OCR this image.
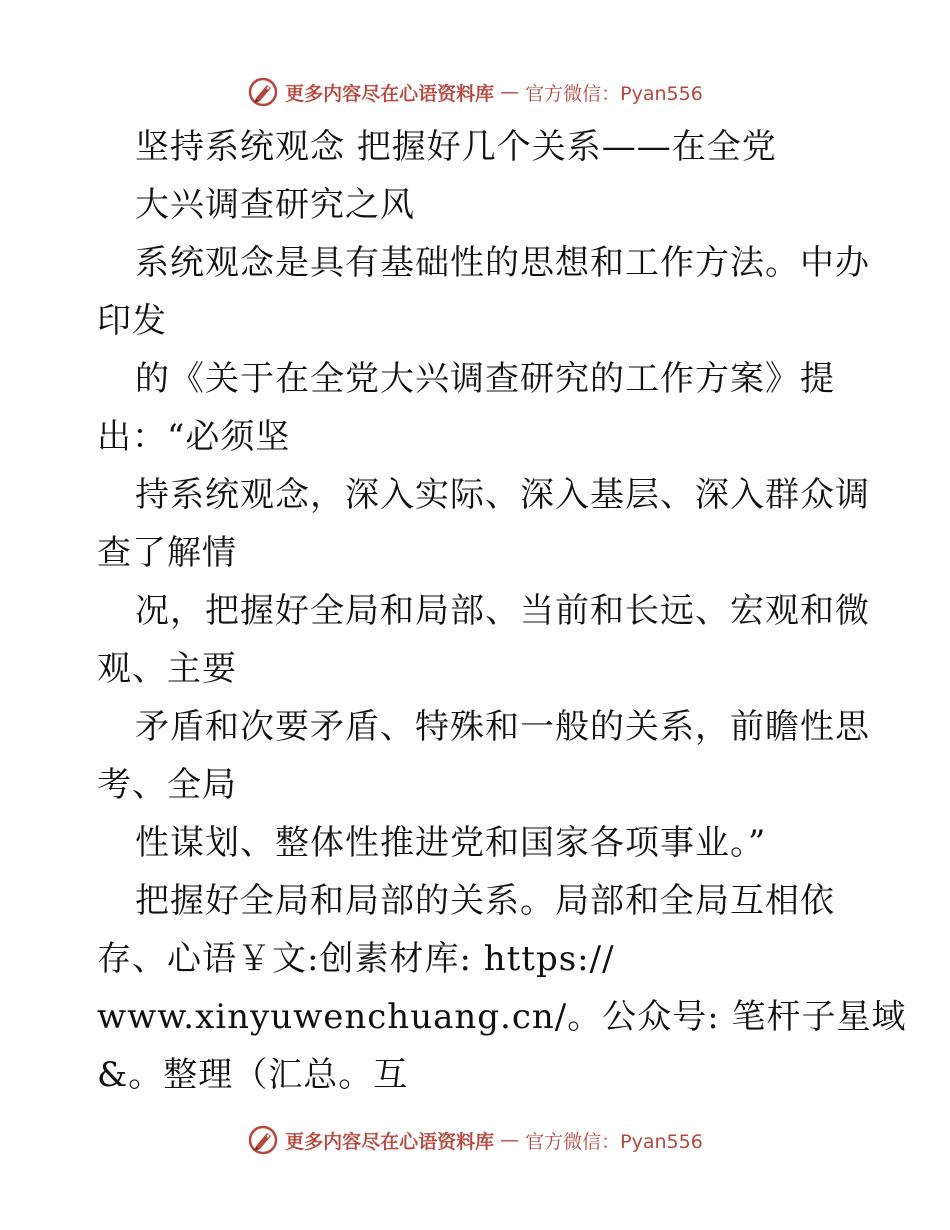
更多内容尽在心语资料库 — 官方微信：Pyan556
坚持系统观念 把握好几个关系——在全党
大兴调查研究之风
系统观念是具有基础性的思想和工作方法。中办
印发
的《关于在全党大兴调查研究的工作方案》提
出：“必须坚
持系统观念，深入实际、深入基层、深入群众调
查了解情
况，把握好全局和局部、当前和长远、宏观和微
观、主要
矛盾和次要矛盾、特殊和一般的关系，前瞻性思
考、全局
性谋划、整体性推进党和国家各项事业。”
把握好全局和局部的关系。局部和全局互相依
存、心语￥文:创素材库: https://
www.xinyuwenchuang.cn/。公众号: 笔杆子星域
&。整理（汇总。互
更多内容尽在心语资料库 — 官方微信：Pyan556
